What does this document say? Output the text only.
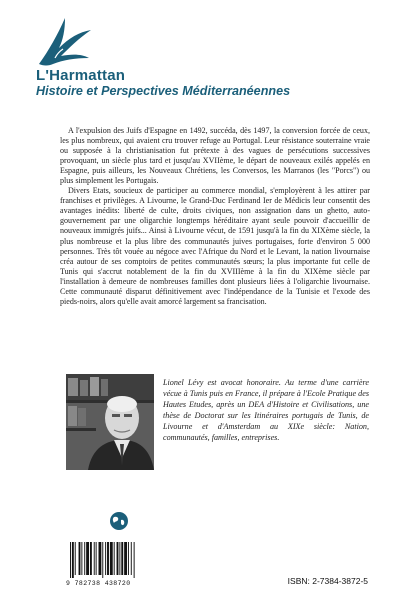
L'Harmattan
Histoire et Perspectives Méditerranéennes

A l'expulsion des Juifs d'Espagne en 1492, succéda, dès 1497, la conversion forcée de ceux, les plus nombreux, qui avaient cru trouver refuge au Portugal. Leur résistance souterraine vraie ou supposée à la christianisation fut prétexte à des vagues de persécutions successives provoquant, un siècle plus tard et jusqu'au XVIIème, le départ de nouveaux exilés appelés en Espagne, puis ailleurs, les Nouveaux Chrétiens, les Conversos, les Marranos (les "Porcs") ou plus simplement les Portugais.

Divers Etats, soucieux de participer au commerce mondial, s'employèrent à les attirer par franchises et privilèges. A Livourne, le Grand-Duc Ferdinand Ier de Médicis leur consentit des avantages inédits: liberté de culte, droits civiques, non assignation dans un ghetto, auto-gouvernement par une oligarchie longtemps héréditaire ayant seule pouvoir d'accueillir de nouveaux immigrés juifs... Ainsi à Livourne vécut, de 1591 jusqu'à la fin du XIXème siècle, la plus nombreuse et la plus libre des communautés juives portugaises, forte d'environ 5 000 personnes. Très tôt vouée au négoce avec l'Afrique du Nord et le Levant, la nation livournaise créa autour de ses comptoirs de petites communautés sœurs; la plus importante fut celle de Tunis qui s'accrut notablement de la fin du XVIIIème à la fin du XIXème siècle par l'installation à demeure de nombreuses familles dont plusieurs liées à l'oligarchie livournaise. Cette communauté disparut définitivement avec l'indépendance de la Tunisie et l'exode des pieds-noirs, alors qu'elle avait amorcé largement sa francisation.

Lionel Lévy est avocat honoraire. Au terme d'une carrière vécue à Tunis puis en France, il prépare à l'Ecole Pratique des Hautes Etudes, après un DEA d'Histoire et Civilisations, une thèse de Doctorat sur les Itinéraires portugais de Tunis, de Livourne et d'Amsterdam au XIXe siècle: Nation, communautés, familles, entreprises.
9 782738 438720	ISBN: 2-7384-3872-5
